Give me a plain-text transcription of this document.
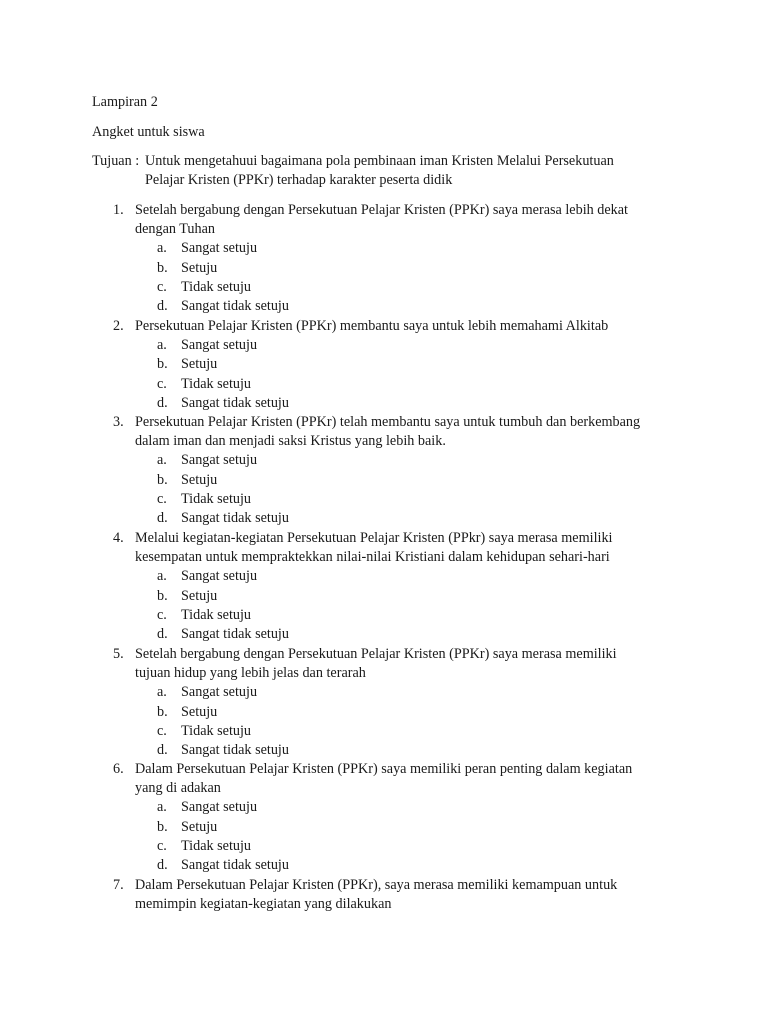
Lampiran 2
Angket untuk siswa
Tujuan : Untuk mengetahuui bagaimana pola pembinaan iman Kristen Melalui Persekutuan
Pelajar Kristen (PPKr) terhadap karakter peserta didik
1. Setelah bergabung dengan Persekutuan Pelajar Kristen (PPKr) saya merasa lebih dekat
dengan Tuhan
a. Sangat setuju
b. Setuju
c. Tidak setuju
d. Sangat tidak setuju
2. Persekutuan Pelajar Kristen (PPKr) membantu saya untuk lebih memahami Alkitab
a. Sangat setuju
b. Setuju
c. Tidak setuju
d. Sangat tidak setuju
3. Persekutuan Pelajar Kristen (PPKr) telah membantu saya untuk tumbuh dan berkembang
dalam iman dan menjadi saksi Kristus yang lebih baik.
a. Sangat setuju
b. Setuju
c. Tidak setuju
d. Sangat tidak setuju
4. Melalui kegiatan-kegiatan Persekutuan Pelajar Kristen (PPkr) saya merasa memiliki
kesempatan untuk mempraktekkan nilai-nilai Kristiani dalam kehidupan sehari-hari
a. Sangat setuju
b. Setuju
c. Tidak setuju
d. Sangat tidak setuju
5. Setelah bergabung dengan Persekutuan Pelajar Kristen (PPKr) saya merasa memiliki
tujuan hidup yang lebih jelas dan terarah
a. Sangat setuju
b. Setuju
c. Tidak setuju
d. Sangat tidak setuju
6. Dalam Persekutuan Pelajar Kristen (PPKr) saya memiliki peran penting dalam kegiatan
yang di adakan
a. Sangat setuju
b. Setuju
c. Tidak setuju
d. Sangat tidak setuju
7. Dalam Persekutuan Pelajar Kristen (PPKr), saya merasa memiliki kemampuan untuk
memimpin kegiatan-kegiatan yang dilakukan
